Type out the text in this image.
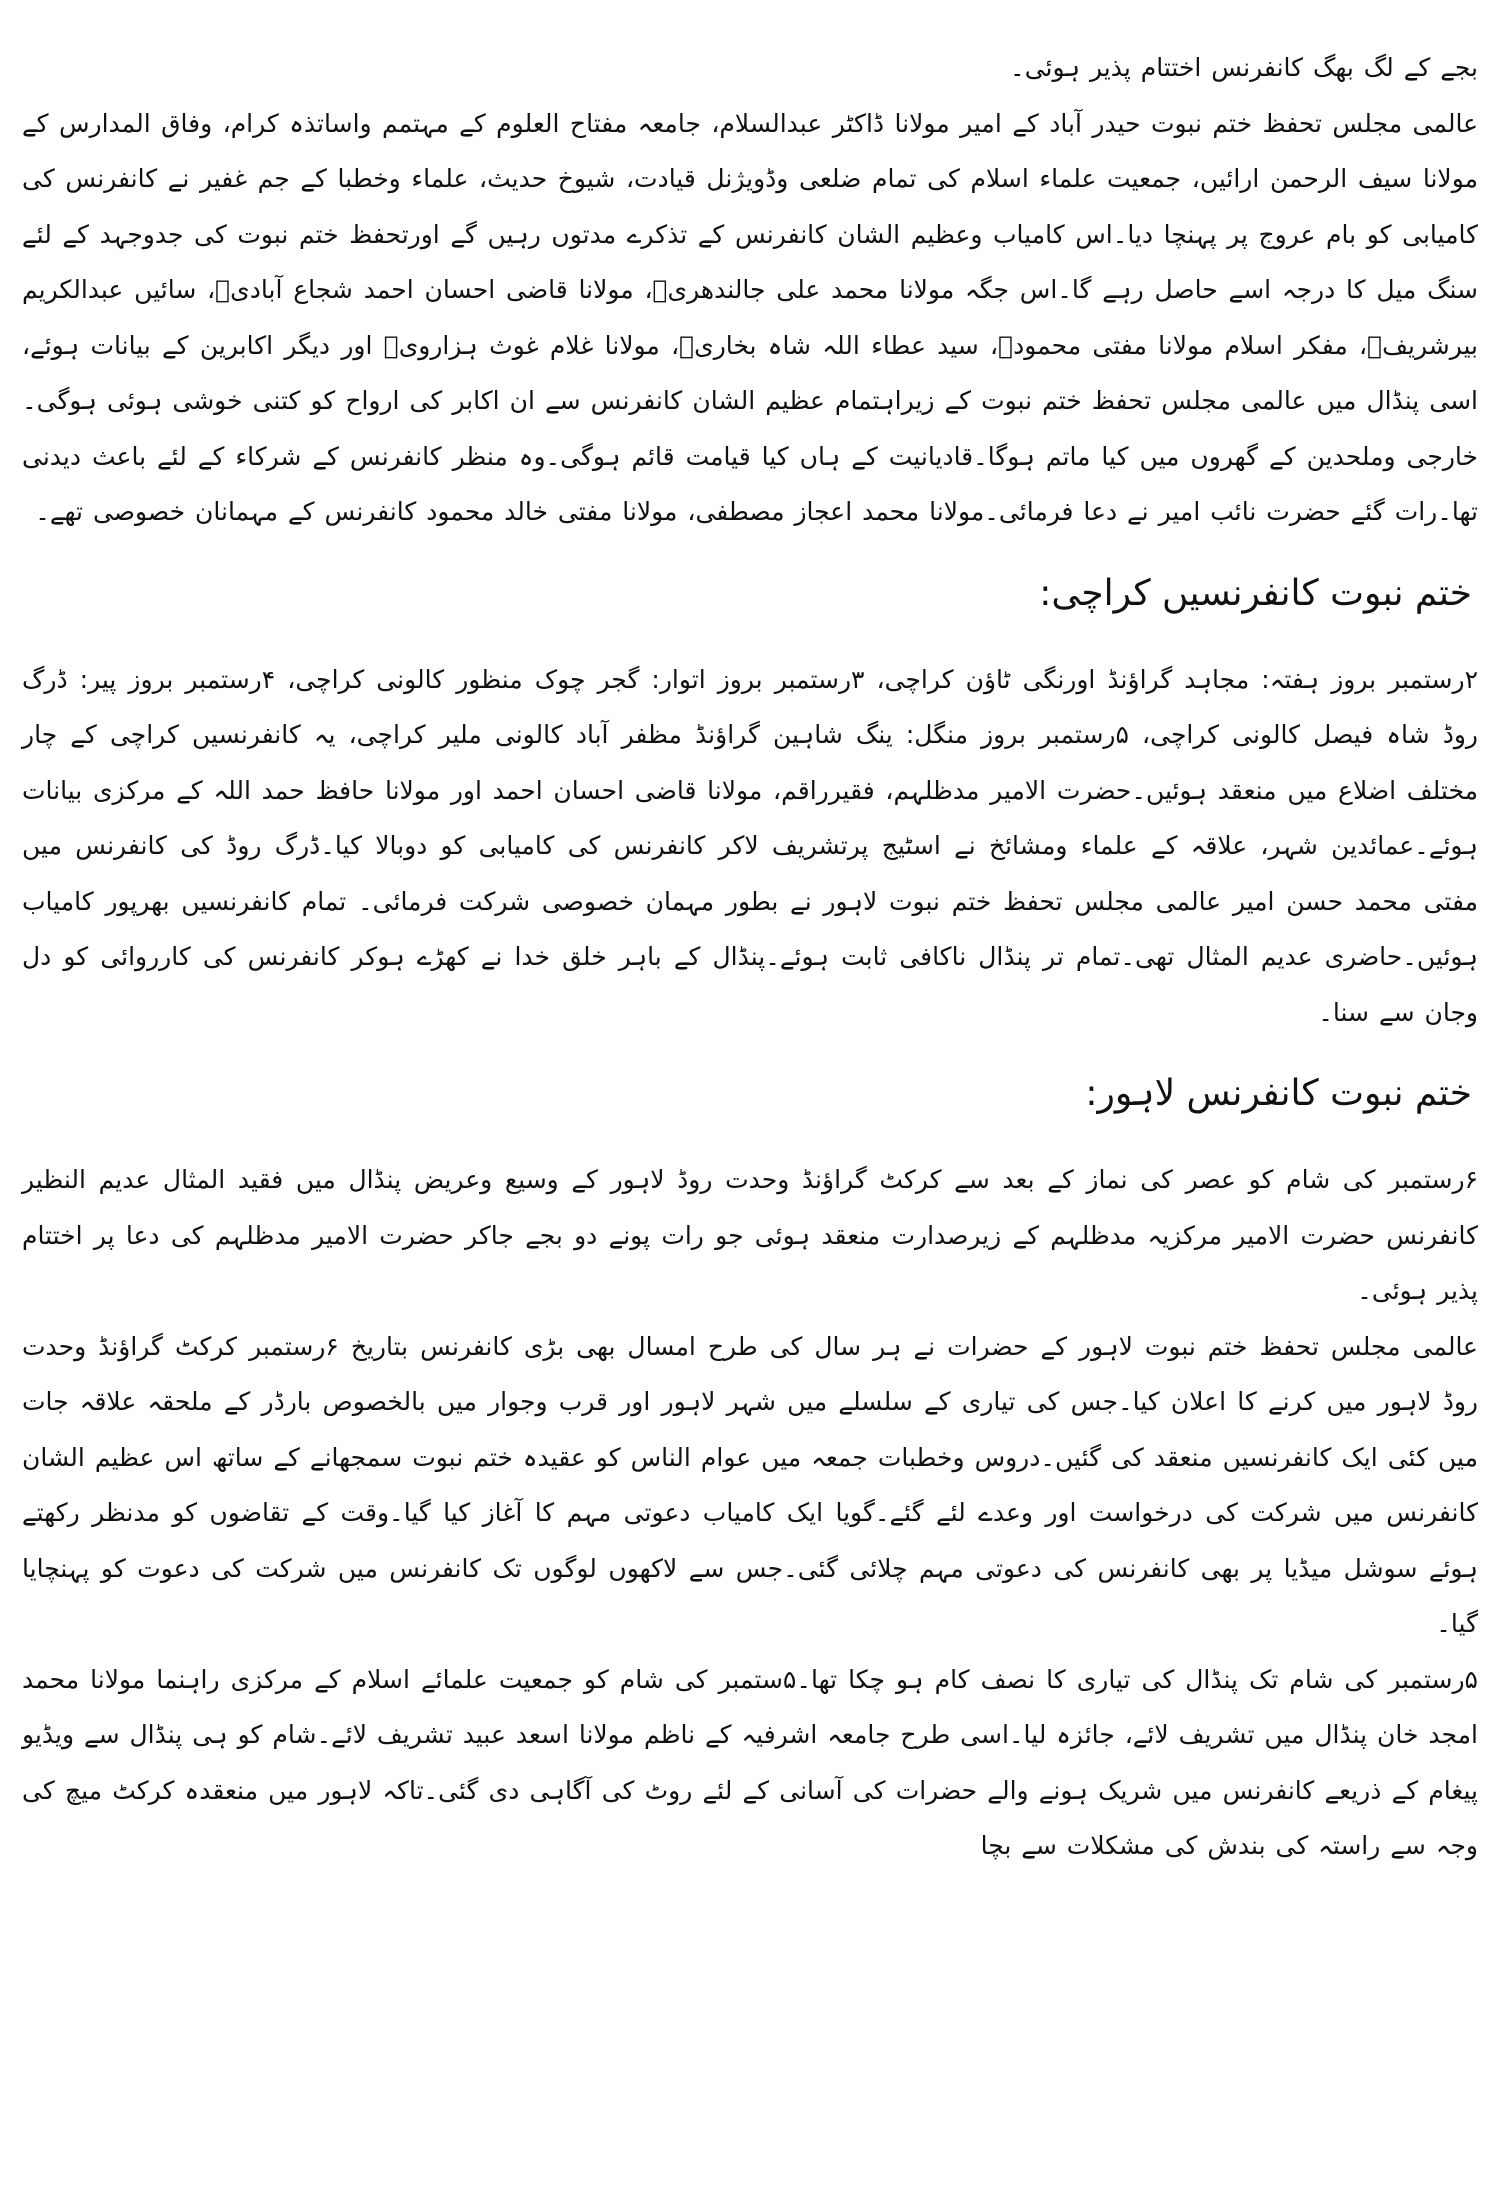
بجے کے لگ بھگ کانفرنس اختتام پذیر ہوئی۔

عالمی مجلس تحفظ ختم نبوت حیدر آباد کے امیر مولانا ڈاکٹر عبدالسلام، جامعہ مفتاح العلوم کے مہتمم واساتذہ کرام، وفاق المدارس کے مولانا سیف الرحمن ارائیں، جمعیت علماء اسلام کی تمام ضلعی وڈویژنل قیادت، شیوخ حدیث، علماء وخطبا کے جم غفیر نے کانفرنس کی کامیابی کو بام عروج پر پہنچا دیا۔اس کامیاب وعظیم الشان کانفرنس کے تذکرے مدتوں رہیں گے اورتحفظ ختم نبوت کی جدوجہد کے لئے سنگ میل کا درجہ اسے حاصل رہے گا۔اس جگہ مولانا محمد علی جالندھریؒ، مولانا قاضی احسان احمد شجاع آبادیؒ، سائیں عبدالکریم بیرشریفؒ، مفکر اسلام مولانا مفتی محمودؒ، سید عطاء اللہ شاہ بخاریؒ، مولانا غلام غوث ہزارویؒ اور دیگر اکابرین کے بیانات ہوئے، اسی پنڈال میں عالمی مجلس تحفظ ختم نبوت کے زیراہتمام عظیم الشان کانفرنس سے ان اکابر کی ارواح کو کتنی خوشی ہوئی ہوگی۔خارجی وملحدین کے گھروں میں کیا ماتم ہوگا۔قادیانیت کے ہاں کیا قیامت قائم ہوگی۔وہ منظر کانفرنس کے شرکاء کے لئے باعث دیدنی تھا۔رات گئے حضرت نائب امیر نے دعا فرمائی۔مولانا محمد اعجاز مصطفی، مولانا مفتی خالد محمود کانفرنس کے مہمانان خصوصی تھے۔

ختم نبوت کانفرنسیں کراچی:

۲رستمبر بروز ہفتہ: مجاہد گراؤنڈ اورنگی ٹاؤن کراچی، ۳رستمبر بروز اتوار: گجر چوک منظور کالونی کراچی، ۴رستمبر بروز پیر: ڈرگ روڈ شاہ فیصل کالونی کراچی، ۵رستمبر بروز منگل: ینگ شاہین گراؤنڈ مظفر آباد کالونی ملیر کراچی، یہ کانفرنسیں کراچی کے چار مختلف اضلاع میں منعقد ہوئیں۔حضرت الامیر مدظلہم، فقیرراقم، مولانا قاضی احسان احمد اور مولانا حافظ حمد اللہ کے مرکزی بیانات ہوئے۔عمائدین شہر، علاقہ کے علماء ومشائخ نے اسٹیج پرتشریف لاکر کانفرنس کی کامیابی کو دوبالا کیا۔ڈرگ روڈ کی کانفرنس میں مفتی محمد حسن امیر عالمی مجلس تحفظ ختم نبوت لاہور نے بطور مہمان خصوصی شرکت فرمائی۔ تمام کانفرنسیں بھرپور کامیاب ہوئیں۔حاضری عدیم المثال تھی۔تمام تر پنڈال ناکافی ثابت ہوئے۔پنڈال کے باہر خلق خدا نے کھڑے ہوکر کانفرنس کی کارروائی کو دل وجان سے سنا۔

ختم نبوت کانفرنس لاہور:

۶رستمبر کی شام کو عصر کی نماز کے بعد سے کرکٹ گراؤنڈ وحدت روڈ لاہور کے وسیع وعریض پنڈال میں فقید المثال عدیم النظیر کانفرنس حضرت الامیر مرکزیہ مدظلہم کے زیرصدارت منعقد ہوئی جو رات پونے دو بجے جاکر حضرت الامیر مدظلہم کی دعا پر اختتام پذیر ہوئی۔

عالمی مجلس تحفظ ختم نبوت لاہور کے حضرات نے ہر سال کی طرح امسال بھی بڑی کانفرنس بتاریخ ۶رستمبر کرکٹ گراؤنڈ وحدت روڈ لاہور میں کرنے کا اعلان کیا۔جس کی تیاری کے سلسلے میں شہر لاہور اور قرب وجوار میں بالخصوص بارڈر کے ملحقہ علاقہ جات میں کئی ایک کانفرنسیں منعقد کی گئیں۔دروس وخطبات جمعہ میں عوام الناس کو عقیدہ ختم نبوت سمجھانے کے ساتھ اس عظیم الشان کانفرنس میں شرکت کی درخواست اور وعدے لئے گئے۔گویا ایک کامیاب دعوتی مہم کا آغاز کیا گیا۔وقت کے تقاضوں کو مدنظر رکھتے ہوئے سوشل میڈیا پر بھی کانفرنس کی دعوتی مہم چلائی گئی۔جس سے لاکھوں لوگوں تک کانفرنس میں شرکت کی دعوت کو پہنچایا گیا۔

۵رستمبر کی شام تک پنڈال کی تیاری کا نصف کام ہو چکا تھا۔۵ستمبر کی شام کو جمعیت علمائے اسلام کے مرکزی راہنما مولانا محمد امجد خان پنڈال میں تشریف لائے، جائزہ لیا۔اسی طرح جامعہ اشرفیہ کے ناظم مولانا اسعد عبید تشریف لائے۔شام کو ہی پنڈال سے ویڈیو پیغام کے ذریعے کانفرنس میں شریک ہونے والے حضرات کی آسانی کے لئے روٹ کی آگاہی دی گئی۔تاکہ لاہور میں منعقدہ کرکٹ میچ کی وجہ سے راستہ کی بندش کی مشکلات سے بچا
